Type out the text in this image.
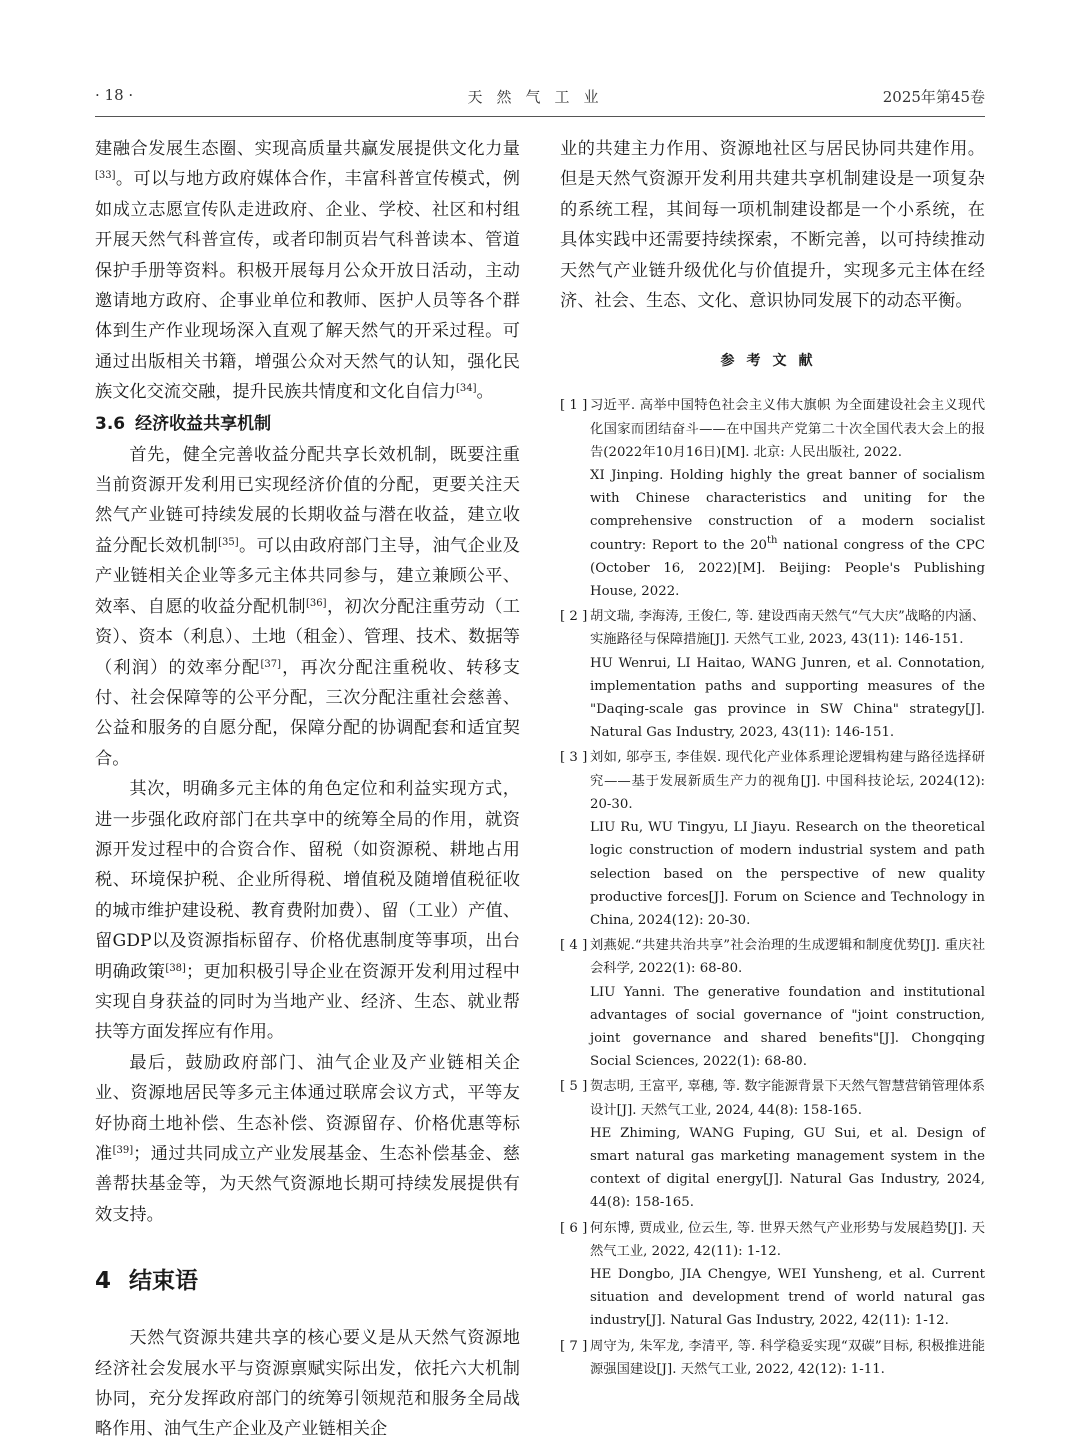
· 18 ·	天然气工业	2025年第45卷

建融合发展生态圈、实现高质量共赢发展提供文化力量[33]。可以与地方政府媒体合作，丰富科普宣传模式，例如成立志愿宣传队走进政府、企业、学校、社区和村组开展天然气科普宣传，或者印制页岩气科普读本、管道保护手册等资料。积极开展每月公众开放日活动，主动邀请地方政府、企事业单位和教师、医护人员等各个群体到生产作业现场深入直观了解天然气的开采过程。可通过出版相关书籍，增强公众对天然气的认知，强化民族文化交流交融，提升民族共情度和文化自信力[34]。

3.6 经济收益共享机制

首先，健全完善收益分配共享长效机制，既要注重当前资源开发利用已实现经济价值的分配，更要关注天然气产业链可持续发展的长期收益与潜在收益，建立收益分配长效机制[35]。可以由政府部门主导，油气企业及产业链相关企业等多元主体共同参与，建立兼顾公平、效率、自愿的收益分配机制[36]，初次分配注重劳动（工资）、资本（利息）、土地（租金）、管理、技术、数据等（利润）的效率分配[37]，再次分配注重税收、转移支付、社会保障等的公平分配，三次分配注重社会慈善、公益和服务的自愿分配，保障分配的协调配套和适宜契合。

其次，明确多元主体的角色定位和利益实现方式，进一步强化政府部门在共享中的统筹全局的作用，就资源开发过程中的合资合作、留税（如资源税、耕地占用税、环境保护税、企业所得税、增值税及随增值税征收的城市维护建设税、教育费附加费）、留（工业）产值、留GDP以及资源指标留存、价格优惠制度等事项，出台明确政策[38]；更加积极引导企业在资源开发利用过程中实现自身获益的同时为当地产业、经济、生态、就业帮扶等方面发挥应有作用。

最后，鼓励政府部门、油气企业及产业链相关企业、资源地居民等多元主体通过联席会议方式，平等友好协商土地补偿、生态补偿、资源留存、价格优惠等标准[39]；通过共同成立产业发展基金、生态补偿基金、慈善帮扶基金等，为天然气资源地长期可持续发展提供有效支持。

4 结束语

天然气资源共建共享的核心要义是从天然气资源地经济社会发展水平与资源禀赋实际出发，依托六大机制协同，充分发挥政府部门的统筹引领规范和服务全局战略作用、油气生产企业及产业链相关企

业的共建主力作用、资源地社区与居民协同共建作用。但是天然气资源开发利用共建共享机制建设是一项复杂的系统工程，其间每一项机制建设都是一个小系统，在具体实践中还需要持续探索，不断完善，以可持续推动天然气产业链升级优化与价值提升，实现多元主体在经济、社会、生态、文化、意识协同发展下的动态平衡。

参考文献

[ 1 ] 习近平. 高举中国特色社会主义伟大旗帜 为全面建设社会主义现代化国家而团结奋斗——在中国共产党第二十次全国代表大会上的报告(2022年10月16日)[M]. 北京: 人民出版社, 2022.
XI Jinping. Holding highly the great banner of socialism with Chinese characteristics and uniting for the comprehensive construction of a modern socialist country: Report to the 20th national congress of the CPC (October 16, 2022)[M]. Beijing: People's Publishing House, 2022.

[ 2 ] 胡文瑞, 李海涛, 王俊仁, 等. 建设西南天然气“气大庆”战略的内涵、实施路径与保障措施[J]. 天然气工业, 2023, 43(11): 146-151.
HU Wenrui, LI Haitao, WANG Junren, et al. Connotation, implementation paths and supporting measures of the "Daqing-scale gas province in SW China" strategy[J]. Natural Gas Industry, 2023, 43(11): 146-151.

[ 3 ] 刘如, 邬亭玉, 李佳娱. 现代化产业体系理论逻辑构建与路径选择研究——基于发展新质生产力的视角[J]. 中国科技论坛, 2024(12): 20-30.
LIU Ru, WU Tingyu, LI Jiayu. Research on the theoretical logic construction of modern industrial system and path selection based on the perspective of new quality productive forces[J]. Forum on Science and Technology in China, 2024(12): 20-30.

[ 4 ] 刘燕妮.“共建共治共享”社会治理的生成逻辑和制度优势[J]. 重庆社会科学, 2022(1): 68-80.
LIU Yanni. The generative foundation and institutional advantages of social governance of "joint construction, joint governance and shared benefits"[J]. Chongqing Social Sciences, 2022(1): 68-80.

[ 5 ] 贺志明, 王富平, 辜穗, 等. 数字能源背景下天然气智慧营销管理体系设计[J]. 天然气工业, 2024, 44(8): 158-165.
HE Zhiming, WANG Fuping, GU Sui, et al. Design of smart natural gas marketing management system in the context of digital energy[J]. Natural Gas Industry, 2024, 44(8): 158-165.

[ 6 ] 何东博, 贾成业, 位云生, 等. 世界天然气产业形势与发展趋势[J]. 天然气工业, 2022, 42(11): 1-12.
HE Dongbo, JIA Chengye, WEI Yunsheng, et al. Current situation and development trend of world natural gas industry[J]. Natural Gas Industry, 2022, 42(11): 1-12.

[ 7 ] 周守为, 朱军龙, 李清平, 等. 科学稳妥实现“双碳”目标, 积极推进能源强国建设[J]. 天然气工业, 2022, 42(12): 1-11.
